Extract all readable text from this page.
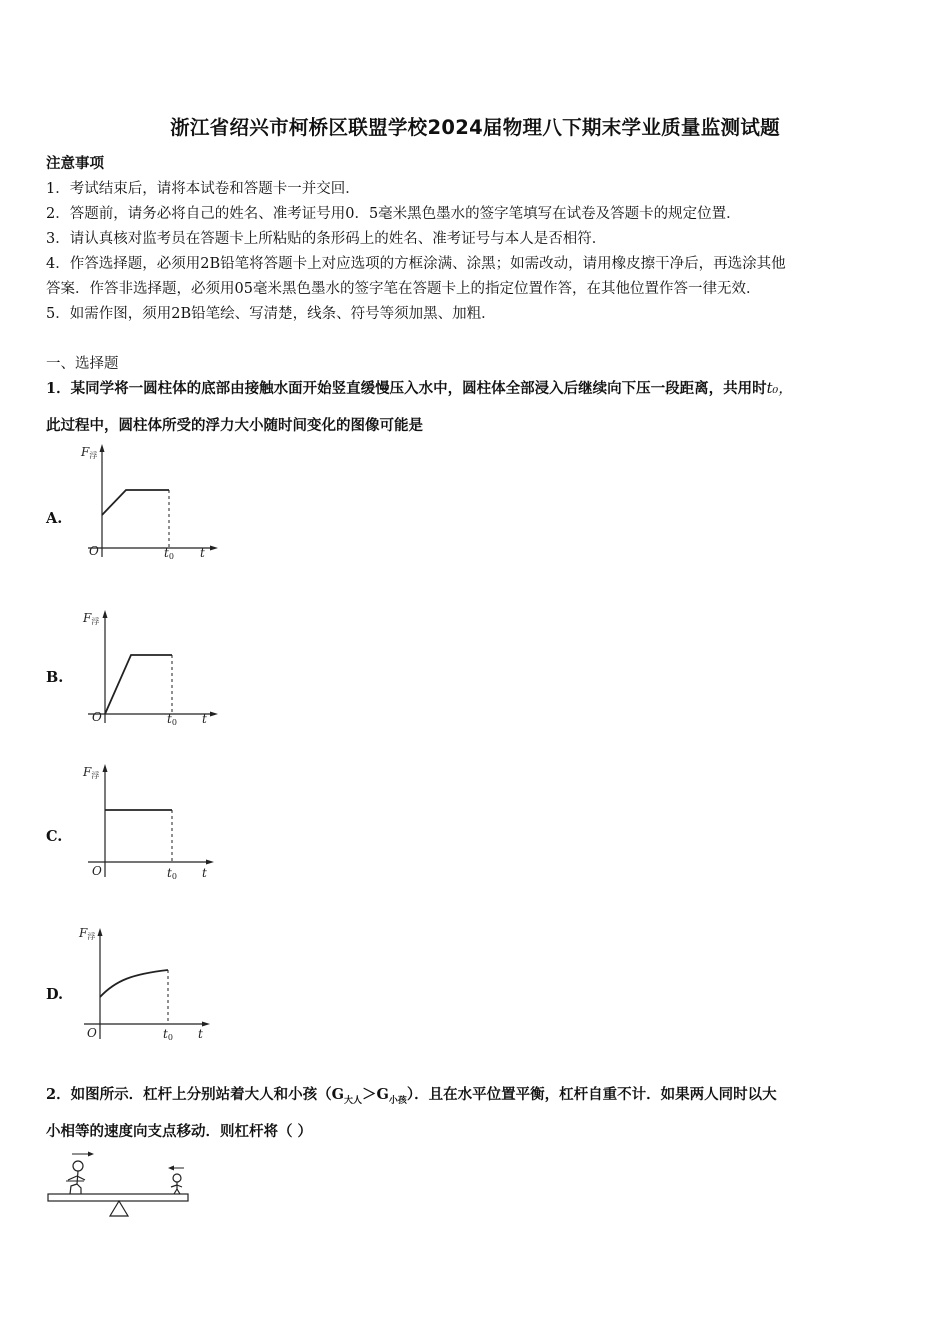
浙江省绍兴市柯桥区联盟学校2024届物理八下期末学业质量监测试题
注意事项
1．考试结束后，请将本试卷和答题卡一并交回．
2．答题前，请务必将自己的姓名、准考证号用0．5毫米黑色墨水的签字笔填写在试卷及答题卡的规定位置．
3．请认真核对监考员在答题卡上所粘贴的条形码上的姓名、准考证号与本人是否相符．
4．作答选择题，必须用2B铅笔将答题卡上对应选项的方框涂满、涂黑；如需改动，请用橡皮擦干净后，再选涂其他
答案．作答非选择题，必须用05毫米黑色墨水的签字笔在答题卡上的指定位置作答，在其他位置作答一律无效．
5．如需作图，须用2B铅笔绘、写清楚，线条、符号等须加黑、加粗．
一、选择题
1．某同学将一圆柱体的底部由接触水面开始竖直缓慢压入水中，圆柱体全部浸入后继续向下压一段距离，共用时t₀，
此过程中，圆柱体所受的浮力大小随时间变化的图像可能是
A.
F浮
O	t0 t
B.
F浮
O	t0 t
C.
F浮
O	t0 t
D.
F浮
O	t0 t
2．如图所示．杠杆上分别站着大人和小孩$(G_{大人}>G_{小孩})$．且在水平位置平衡，杠杆自重不计．如果两人同时以大
小相等的速度向支点移动．则杠杆将（ ）
